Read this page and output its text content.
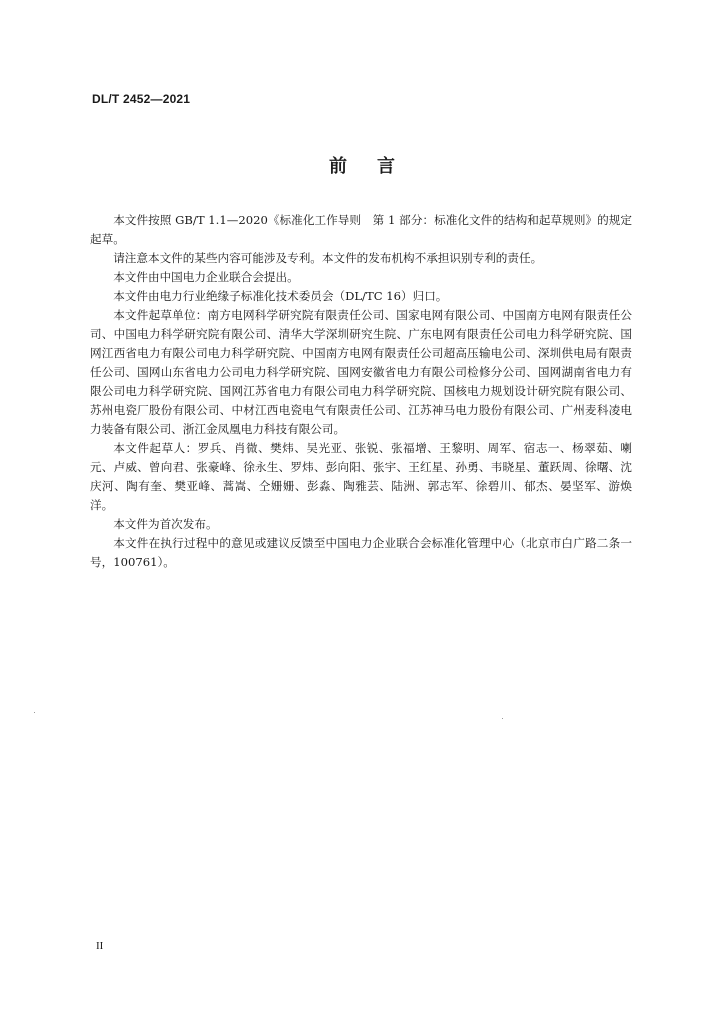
DL/T 2452—2021
前言

本文件按照 GB/T 1.1—2020《标准化工作导则　第 1 部分：标准化文件的结构和起草规则》的规定起草。

请注意本文件的某些内容可能涉及专利。本文件的发布机构不承担识别专利的责任。

本文件由中国电力企业联合会提出。

本文件由电力行业绝缘子标准化技术委员会（DL/TC 16）归口。

本文件起草单位：南方电网科学研究院有限责任公司、国家电网有限公司、中国南方电网有限责任公司、中国电力科学研究院有限公司、清华大学深圳研究生院、广东电网有限责任公司电力科学研究院、国网江西省电力有限公司电力科学研究院、中国南方电网有限责任公司超高压输电公司、深圳供电局有限责任公司、国网山东省电力公司电力科学研究院、国网安徽省电力有限公司检修分公司、国网湖南省电力有限公司电力科学研究院、国网江苏省电力有限公司电力科学研究院、国核电力规划设计研究院有限公司、苏州电瓷厂股份有限公司、中材江西电瓷电气有限责任公司、江苏神马电力股份有限公司、广州麦科凌电力装备有限公司、浙江金凤凰电力科技有限公司。

本文件起草人：罗兵、肖微、樊炜、吴光亚、张锐、张福增、王黎明、周军、宿志一、杨翠茹、喇元、卢威、曾向君、张豪峰、徐永生、罗炜、彭向阳、张宇、王红星、孙勇、韦晓星、董跃周、徐曙、沈庆河、陶有奎、樊亚峰、蒿嵩、仝姗姗、彭淼、陶雅芸、陆洲、郭志军、徐碧川、郁杰、晏坚军、游焕洋。

本文件为首次发布。

本文件在执行过程中的意见或建议反馈至中国电力企业联合会标准化管理中心（北京市白广路二条一号，100761）。

II
